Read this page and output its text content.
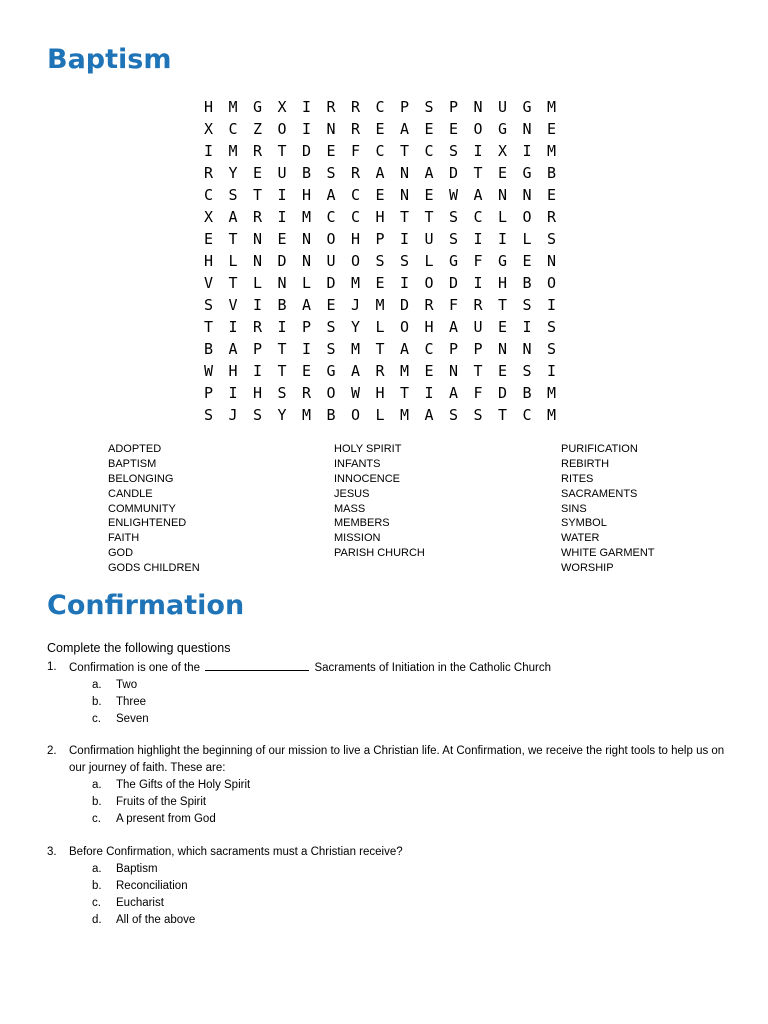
Baptism
H M G X I R R C P S P N U G M
X C Z O I N R E A E E O G N E
I M R T D E F C T C S I X I M
R Y E U B S R A N A D T E G B
C S T I H A C E N E W A N N E
X A R I M C C H T T S C L O R
E T N E N O H P I U S I I L S
H L N D N U O S S L G F G E N
V T L N L D M E I O D I H B O
S V I B A E J M D R F R T S I
T I R I P S Y L O H A U E I S
B A P T I S M T A C P P N N S
W H I T E G A R M E N T E S I
P I H S R O W H T I A F D B M
S J S Y M B O L M A S S T C M
ADOPTED
BAPTISM
BELONGING
CANDLE
COMMUNITY
ENLIGHTENED
FAITH
GOD
GODS CHILDREN
HOLY SPIRIT
INFANTS
INNOCENCE
JESUS
MASS
MEMBERS
MISSION
PARISH CHURCH
PURIFICATION
REBIRTH
RITES
SACRAMENTS
SINS
SYMBOL
WATER
WHITE GARMENT
WORSHIP
Confirmation
Complete the following questions
1. Confirmation is one of the	Sacraments of Initiation in the Catholic Church
a. Two
b. Three
c. Seven
2. Confirmation highlight the beginning of our mission to live a Christian life. At Confirmation, we receive the right tools to help us on our journey of faith. These are:
a. The Gifts of the Holy Spirit
b. Fruits of the Spirit
c. A present from God
3. Before Confirmation, which sacraments must a Christian receive?
a. Baptism
b. Reconciliation
c. Eucharist
d. All of the above
